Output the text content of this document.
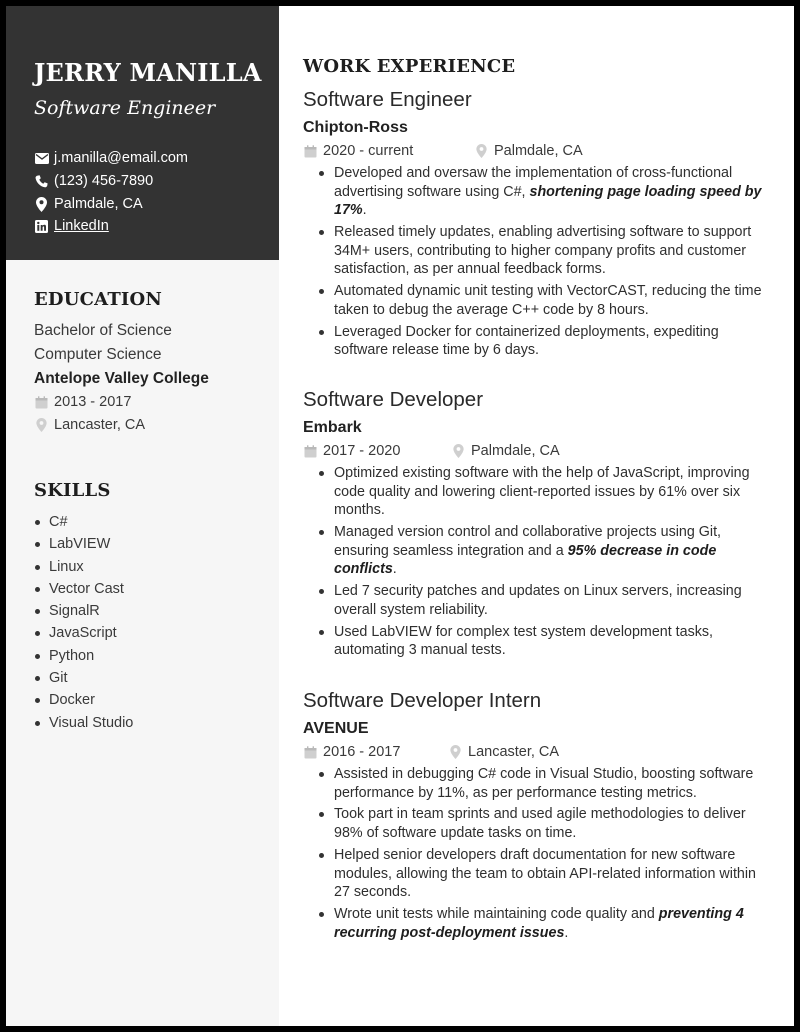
JERRY MANILLA
Software Engineer
j.manilla@email.com
(123) 456-7890
Palmdale, CA
LinkedIn
EDUCATION
Bachelor of Science
Computer Science
Antelope Valley College
2013 - 2017
Lancaster, CA
SKILLS
C#
LabVIEW
Linux
Vector Cast
SignalR
JavaScript
Python
Git
Docker
Visual Studio
WORK EXPERIENCE
Software Engineer
Chipton-Ross
2020 - current	Palmdale, CA
Developed and oversaw the implementation of cross-functional advertising software using C#, shortening page loading speed by 17%.
Released timely updates, enabling advertising software to support 34M+ users, contributing to higher company profits and customer satisfaction, as per annual feedback forms.
Automated dynamic unit testing with VectorCAST, reducing the time taken to debug the average C++ code by 8 hours.
Leveraged Docker for containerized deployments, expediting software release time by 6 days.
Software Developer
Embark
2017 - 2020	Palmdale, CA
Optimized existing software with the help of JavaScript, improving code quality and lowering client-reported issues by 61% over six months.
Managed version control and collaborative projects using Git, ensuring seamless integration and a 95% decrease in code conflicts.
Led 7 security patches and updates on Linux servers, increasing overall system reliability.
Used LabVIEW for complex test system development tasks, automating 3 manual tests.
Software Developer Intern
AVENUE
2016 - 2017	Lancaster, CA
Assisted in debugging C# code in Visual Studio, boosting software performance by 11%, as per performance testing metrics.
Took part in team sprints and used agile methodologies to deliver 98% of software update tasks on time.
Helped senior developers draft documentation for new software modules, allowing the team to obtain API-related information within 27 seconds.
Wrote unit tests while maintaining code quality and preventing 4 recurring post-deployment issues.
